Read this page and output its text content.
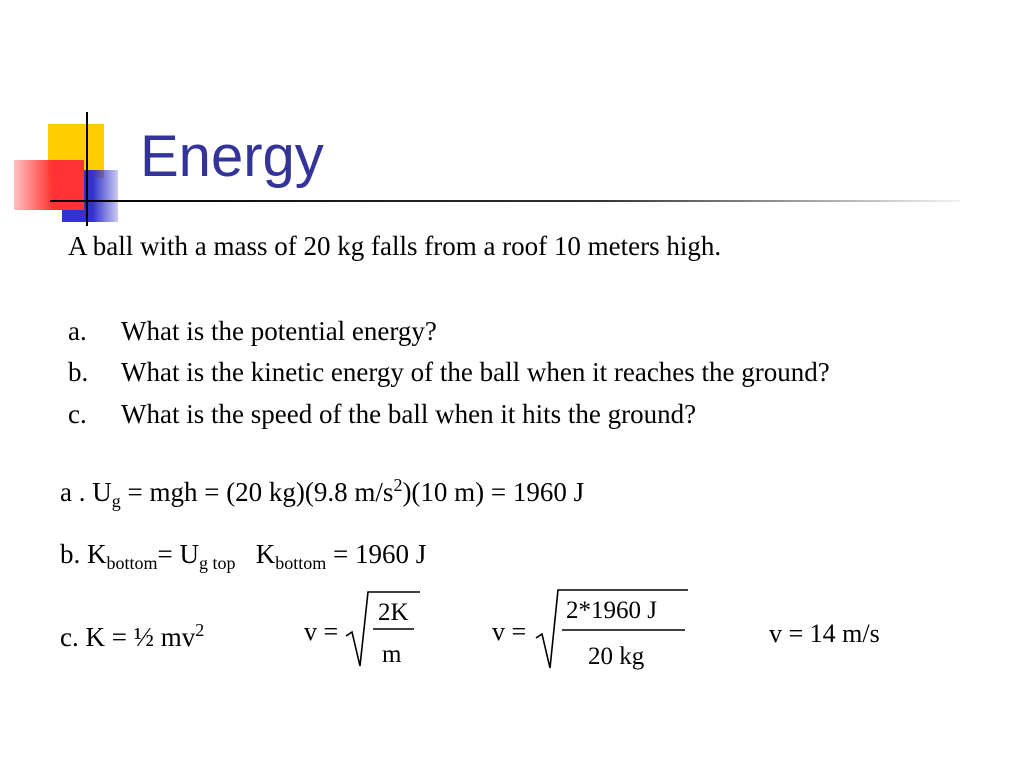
Energy
A ball with a mass of 20 kg falls from a roof 10 meters high.
a. What is the potential energy?
b. What is the kinetic energy of the ball when it reaches the ground?
c. What is the speed of the ball when it hits the ground?
a . $U_g$ = mgh = (20 kg)(9.8 $m/s^2)(10$ m) = 1960 J
b. $K_{bottom}= U_{g top}$   $K_{bottom} = 1960$ J
c. K = ½ $mv^2$	v =
2K
m
v =
2*1960 J
20 kg
v = 14 m/s
